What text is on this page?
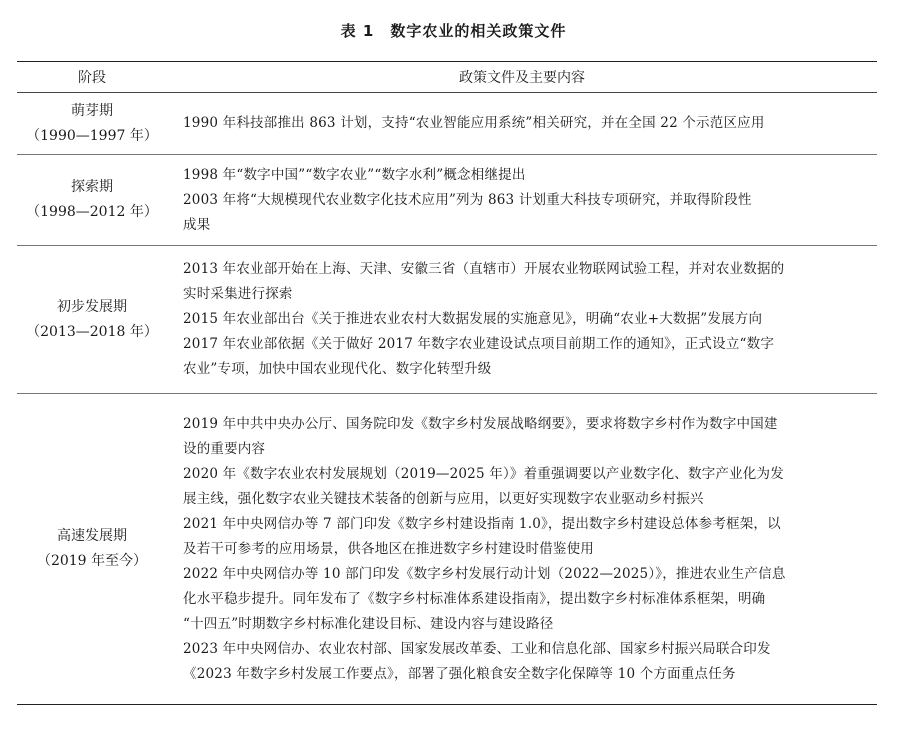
表 1　数字农业的相关政策文件
阶段	政策文件及主要内容
萌芽期
（1990—1997 年）
1990 年科技部推出 863 计划，支持“农业智能应用系统”相关研究，并在全国 22 个示范区应用
探索期
（1998—2012 年）
1998 年“数字中国”“数字农业”“数字水利”概念相继提出
2003 年将“大规模现代农业数字化技术应用”列为 863 计划重大科技专项研究，并取得阶段性
成果
初步发展期
（2013—2018 年）
2013 年农业部开始在上海、天津、安徽三省（直辖市）开展农业物联网试验工程，并对农业数据的
实时采集进行探索
2015 年农业部出台《关于推进农业农村大数据发展的实施意见》，明确“农业+大数据”发展方向
2017 年农业部依据《关于做好 2017 年数字农业建设试点项目前期工作的通知》，正式设立“数字
农业”专项，加快中国农业现代化、数字化转型升级
高速发展期
（2019 年至今）
2019 年中共中央办公厅、国务院印发《数字乡村发展战略纲要》，要求将数字乡村作为数字中国建
设的重要内容
2020 年《数字农业农村发展规划（2019—2025 年）》着重强调要以产业数字化、数字产业化为发
展主线，强化数字农业关键技术装备的创新与应用，以更好实现数字农业驱动乡村振兴
2021 年中央网信办等 7 部门印发《数字乡村建设指南 1.0》，提出数字乡村建设总体参考框架，以
及若干可参考的应用场景，供各地区在推进数字乡村建设时借鉴使用
2022 年中央网信办等 10 部门印发《数字乡村发展行动计划（2022—2025）》，推进农业生产信息
化水平稳步提升。同年发布了《数字乡村标准体系建设指南》，提出数字乡村标准体系框架，明确
“十四五”时期数字乡村标准化建设目标、建设内容与建设路径
2023 年中央网信办、农业农村部、国家发展改革委、工业和信息化部、国家乡村振兴局联合印发
《2023 年数字乡村发展工作要点》，部署了强化粮食安全数字化保障等 10 个方面重点任务
